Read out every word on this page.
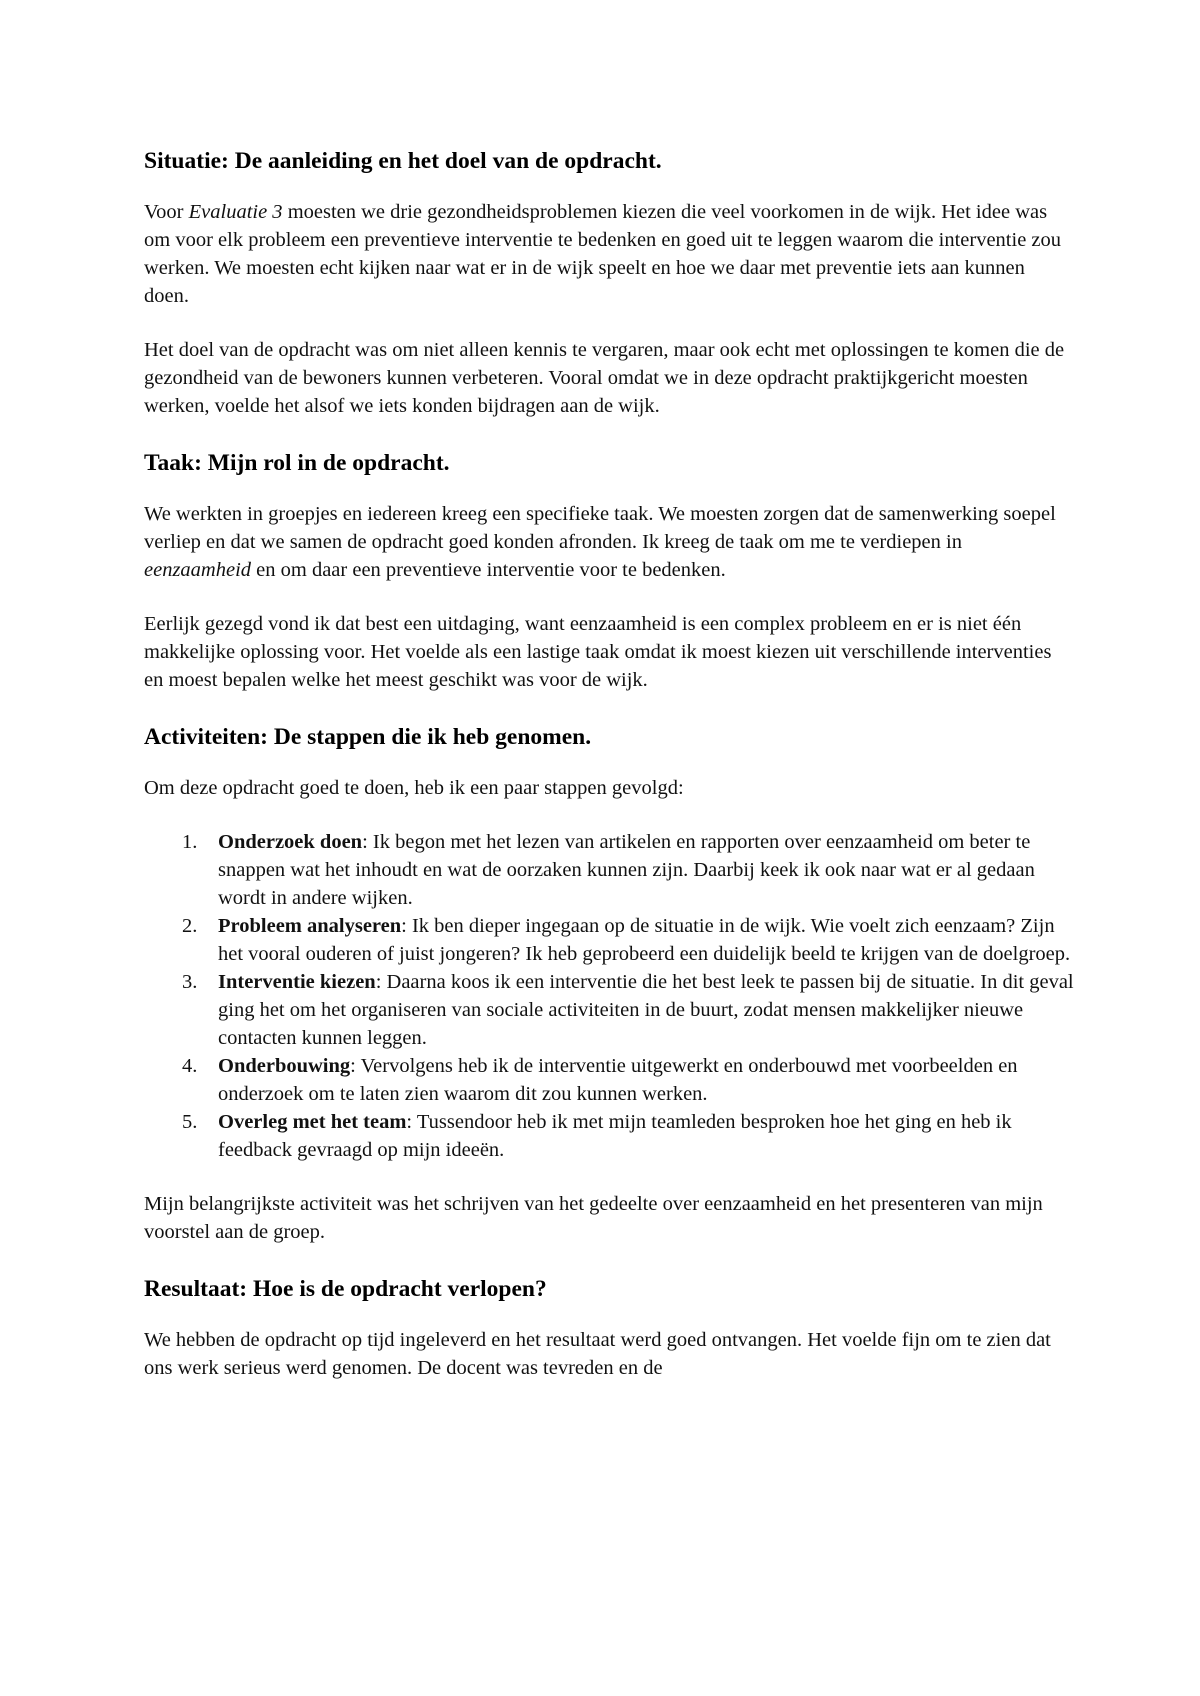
Situatie: De aanleiding en het doel van de opdracht.

Voor Evaluatie 3 moesten we drie gezondheidsproblemen kiezen die veel voorkomen in de wijk. Het idee was om voor elk probleem een preventieve interventie te bedenken en goed uit te leggen waarom die interventie zou werken. We moesten echt kijken naar wat er in de wijk speelt en hoe we daar met preventie iets aan kunnen doen.

Het doel van de opdracht was om niet alleen kennis te vergaren, maar ook echt met oplossingen te komen die de gezondheid van de bewoners kunnen verbeteren. Vooral omdat we in deze opdracht praktijkgericht moesten werken, voelde het alsof we iets konden bijdragen aan de wijk.

Taak: Mijn rol in de opdracht.

We werkten in groepjes en iedereen kreeg een specifieke taak. We moesten zorgen dat de samenwerking soepel verliep en dat we samen de opdracht goed konden afronden. Ik kreeg de taak om me te verdiepen in eenzaamheid en om daar een preventieve interventie voor te bedenken.

Eerlijk gezegd vond ik dat best een uitdaging, want eenzaamheid is een complex probleem en er is niet één makkelijke oplossing voor. Het voelde als een lastige taak omdat ik moest kiezen uit verschillende interventies en moest bepalen welke het meest geschikt was voor de wijk.

Activiteiten: De stappen die ik heb genomen.

Om deze opdracht goed te doen, heb ik een paar stappen gevolgd:

1. Onderzoek doen: Ik begon met het lezen van artikelen en rapporten over eenzaamheid om beter te snappen wat het inhoudt en wat de oorzaken kunnen zijn. Daarbij keek ik ook naar wat er al gedaan wordt in andere wijken.
2. Probleem analyseren: Ik ben dieper ingegaan op de situatie in de wijk. Wie voelt zich eenzaam? Zijn het vooral ouderen of juist jongeren? Ik heb geprobeerd een duidelijk beeld te krijgen van de doelgroep.
3. Interventie kiezen: Daarna koos ik een interventie die het best leek te passen bij de situatie. In dit geval ging het om het organiseren van sociale activiteiten in de buurt, zodat mensen makkelijker nieuwe contacten kunnen leggen.
4. Onderbouwing: Vervolgens heb ik de interventie uitgewerkt en onderbouwd met voorbeelden en onderzoek om te laten zien waarom dit zou kunnen werken.
5. Overleg met het team: Tussendoor heb ik met mijn teamleden besproken hoe het ging en heb ik feedback gevraagd op mijn ideeën.

Mijn belangrijkste activiteit was het schrijven van het gedeelte over eenzaamheid en het presenteren van mijn voorstel aan de groep.

Resultaat: Hoe is de opdracht verlopen?

We hebben de opdracht op tijd ingeleverd en het resultaat werd goed ontvangen. Het voelde fijn om te zien dat ons werk serieus werd genomen. De docent was tevreden en de
